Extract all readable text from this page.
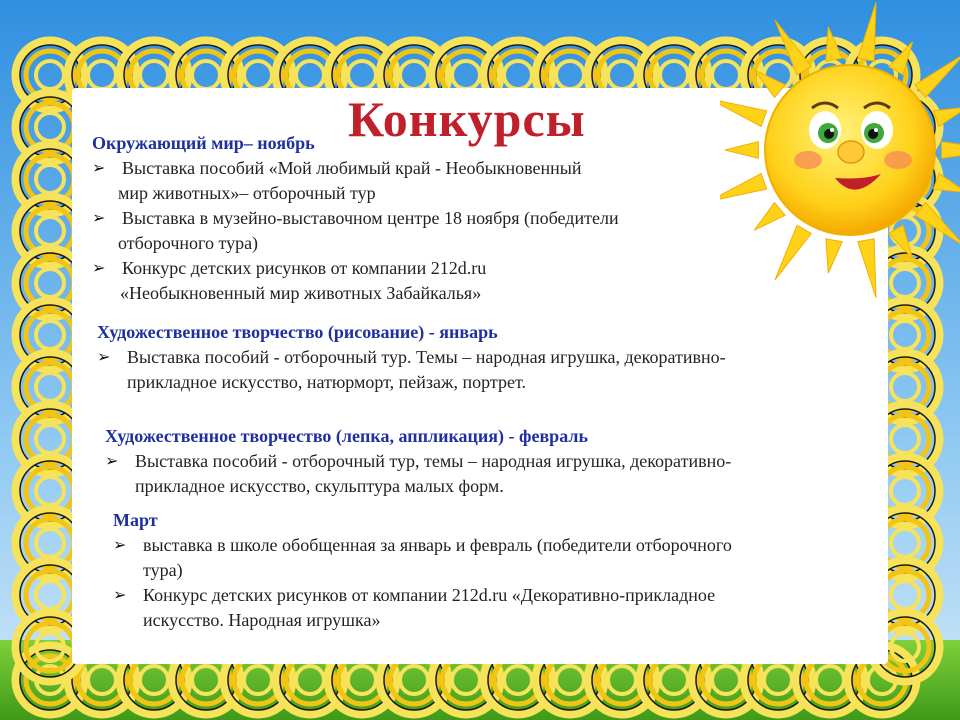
Конкурсы
Окружающий мир– ноябрь
➢ Выставка пособий «Мой любимый край - Необыкновенный
мир животных»– отборочный тур
➢ Выставка в музейно-выставочном центре 18 ноября (победители
отборочного тура)
➢ Конкурс детских рисунков от компании 212d.ru
«Необыкновенный мир животных Забайкалья»
Художественное творчество (рисование) - январь
➢ Выставка пособий - отборочный тур. Темы – народная игрушка, декоративно-
прикладное искусство, натюрморт, пейзаж, портрет.
Художественное творчество (лепка, аппликация) - февраль
➢ Выставка пособий - отборочный тур, темы – народная игрушка, декоративно-
прикладное искусство, скульптура малых форм.
Март
➢ выставка в школе обобщенная за январь и февраль (победители отборочного
тура)
➢ Конкурс детских рисунков от компании 212d.ru «Декоративно-прикладное
искусство. Народная игрушка»
